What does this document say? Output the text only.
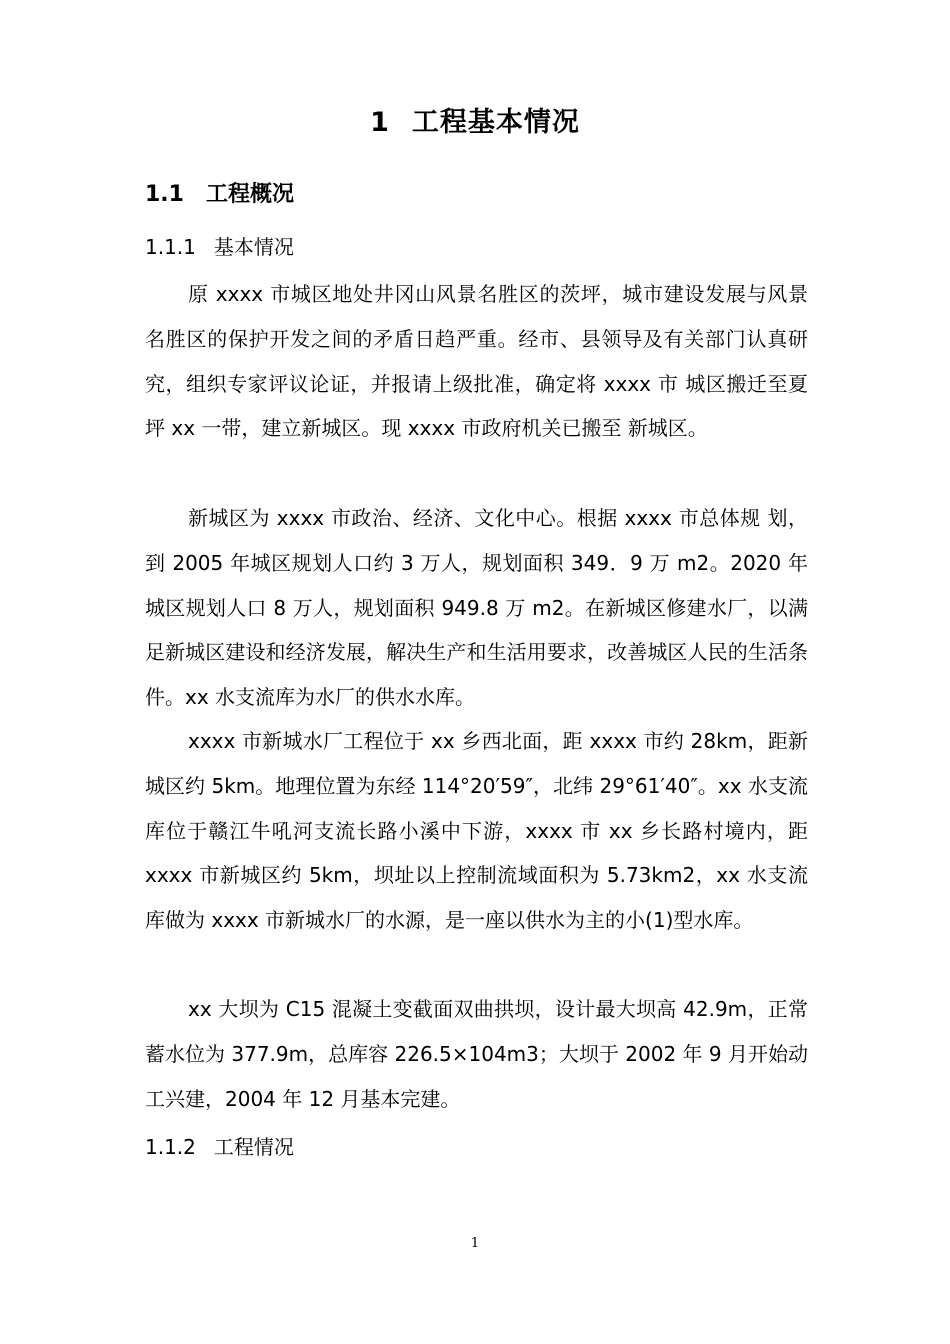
1 工程基本情况
1.1 工程概况
1.1.1 基本情况

原 xxxx 市城区地处井冈山风景名胜区的茨坪，城市建设发展与风景名胜区的保护开发之间的矛盾日趋严重。经市、县领导及有关部门认真研究，组织专家评议论证，并报请上级批准，确定将 xxxx 市 城区搬迁至夏坪 xx 一带，建立新城区。现 xxxx 市政府机关已搬至 新城区。

新城区为 xxxx 市政治、经济、文化中心。根据 xxxx 市总体规 划，到 2005 年城区规划人口约 3 万人，规划面积 349．9 万 m2。2020 年城区规划人口 8 万人，规划面积 949.8 万 m2。在新城区修建水厂，以满足新城区建设和经济发展，解决生产和生活用要求，改善城区人民的生活条件。xx 水支流库为水厂的供水水库。

xxxx 市新城水厂工程位于 xx 乡西北面，距 xxxx 市约 28km，距新城区约 5km。地理位置为东经 114°20′59″，北纬 29°61′40″。xx 水支流库位于赣江牛吼河支流长路小溪中下游，xxxx 市 xx 乡长路村境内，距 xxxx 市新城区约 5km，坝址以上控制流域面积为 5.73km2，xx 水支流库做为 xxxx 市新城水厂的水源，是一座以供水为主的小(1)型水库。

xx 大坝为 C15 混凝土变截面双曲拱坝，设计最大坝高 42.9m，正常蓄水位为 377.9m，总库容 226.5×104m3；大坝于 2002 年 9 月开始动工兴建，2004 年 12 月基本完建。

1.1.2 工程情况
1
